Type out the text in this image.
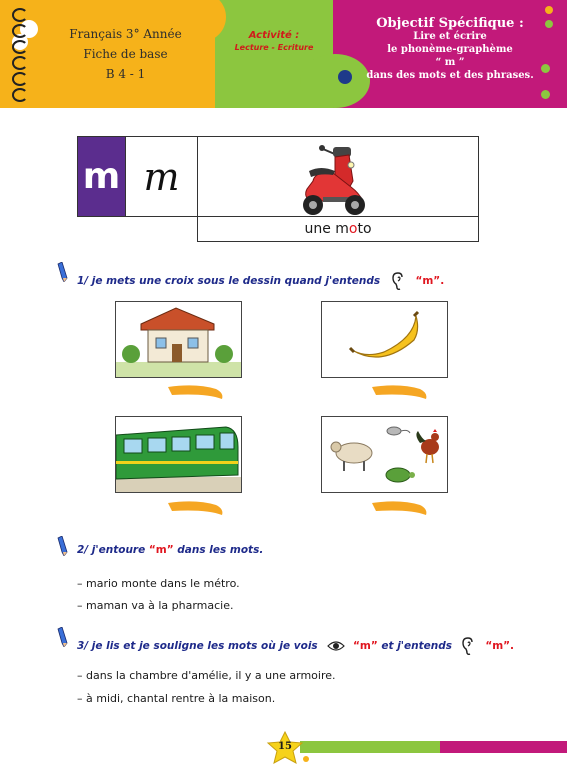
Français 3° Année
Fiche de base
B 4 - 1
Activité :
Lecture - Ecriture
Objectif Spécifique :
Lire et écrire
le phonème-graphème
“ m ”
dans des mots et des phrases.
m m
une moto
1/ je mets une croix sous le dessin quand j'entends	“m”.
2/ j'entoure “m” dans les mots.
– mario monte dans le métro.
– maman va à la pharmacie.
3/ je lis et je souligne les mots où je vois	“m” et j'entends	“m”.
– dans la chambre d'amélie, il y a une armoire.
– à midi, chantal rentre à la maison.
15
